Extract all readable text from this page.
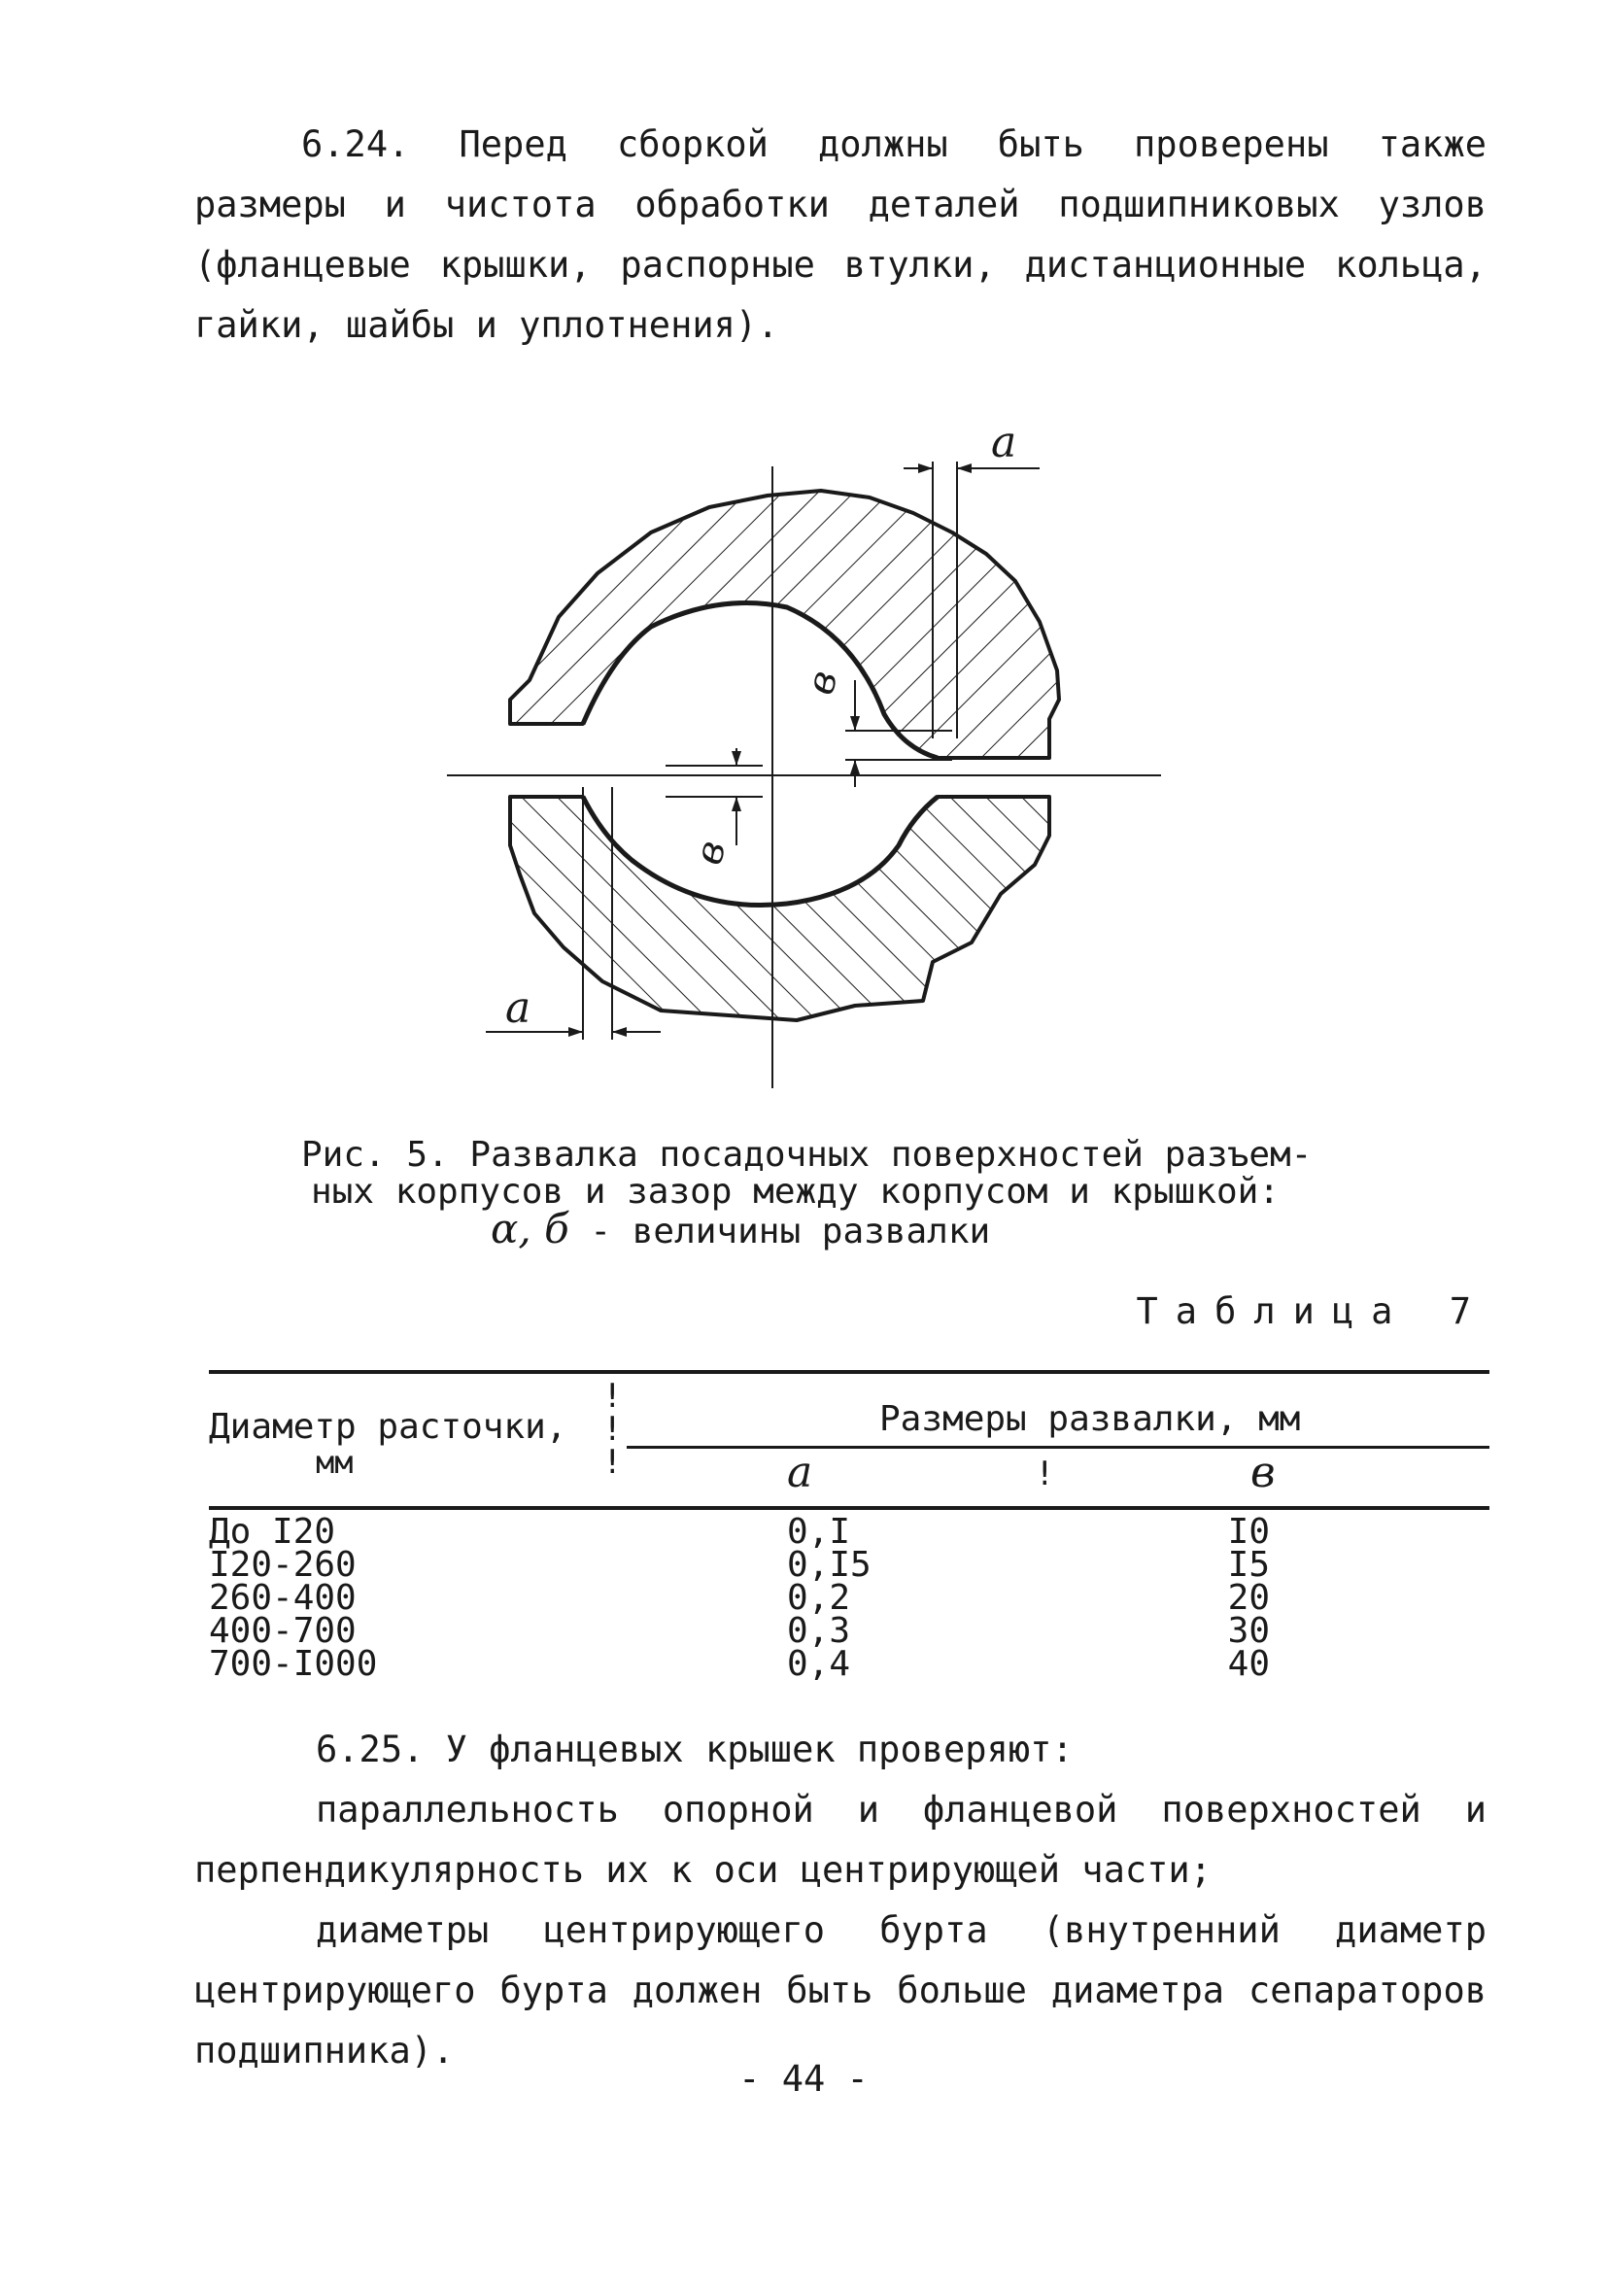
6.24. Перед сборкой должны быть проверены также размеры и чистота обработки деталей подшипниковых узлов (фланцевые крышки, распорные втулки, дистанционные кольца, гайки, шайбы и уплотнения).

a
в
в
a
Рис. 5. Развалка посадочных поверхностей разъем-
ных корпусов и зазор между корпусом и крышкой:
α, б - величины развалки
Таблица 7
!
!
!	!
Диаметр расточки,
мм
Размеры развалки, мм
a	в
До I20
I20-260
260-400
400-700
700-I000
0,I
0,I5
0,2
0,3
0,4
I0
I5
20
30
40
6.25. У фланцевых крышек проверяют:
параллельность опорной и фланцевой поверхностей и перпендикулярность их к оси центрирующей части;
диаметры центрирующего бурта (внутренний диаметр центрирующего бурта должен быть больше диаметра сепараторов подшипника).
- 44 -
